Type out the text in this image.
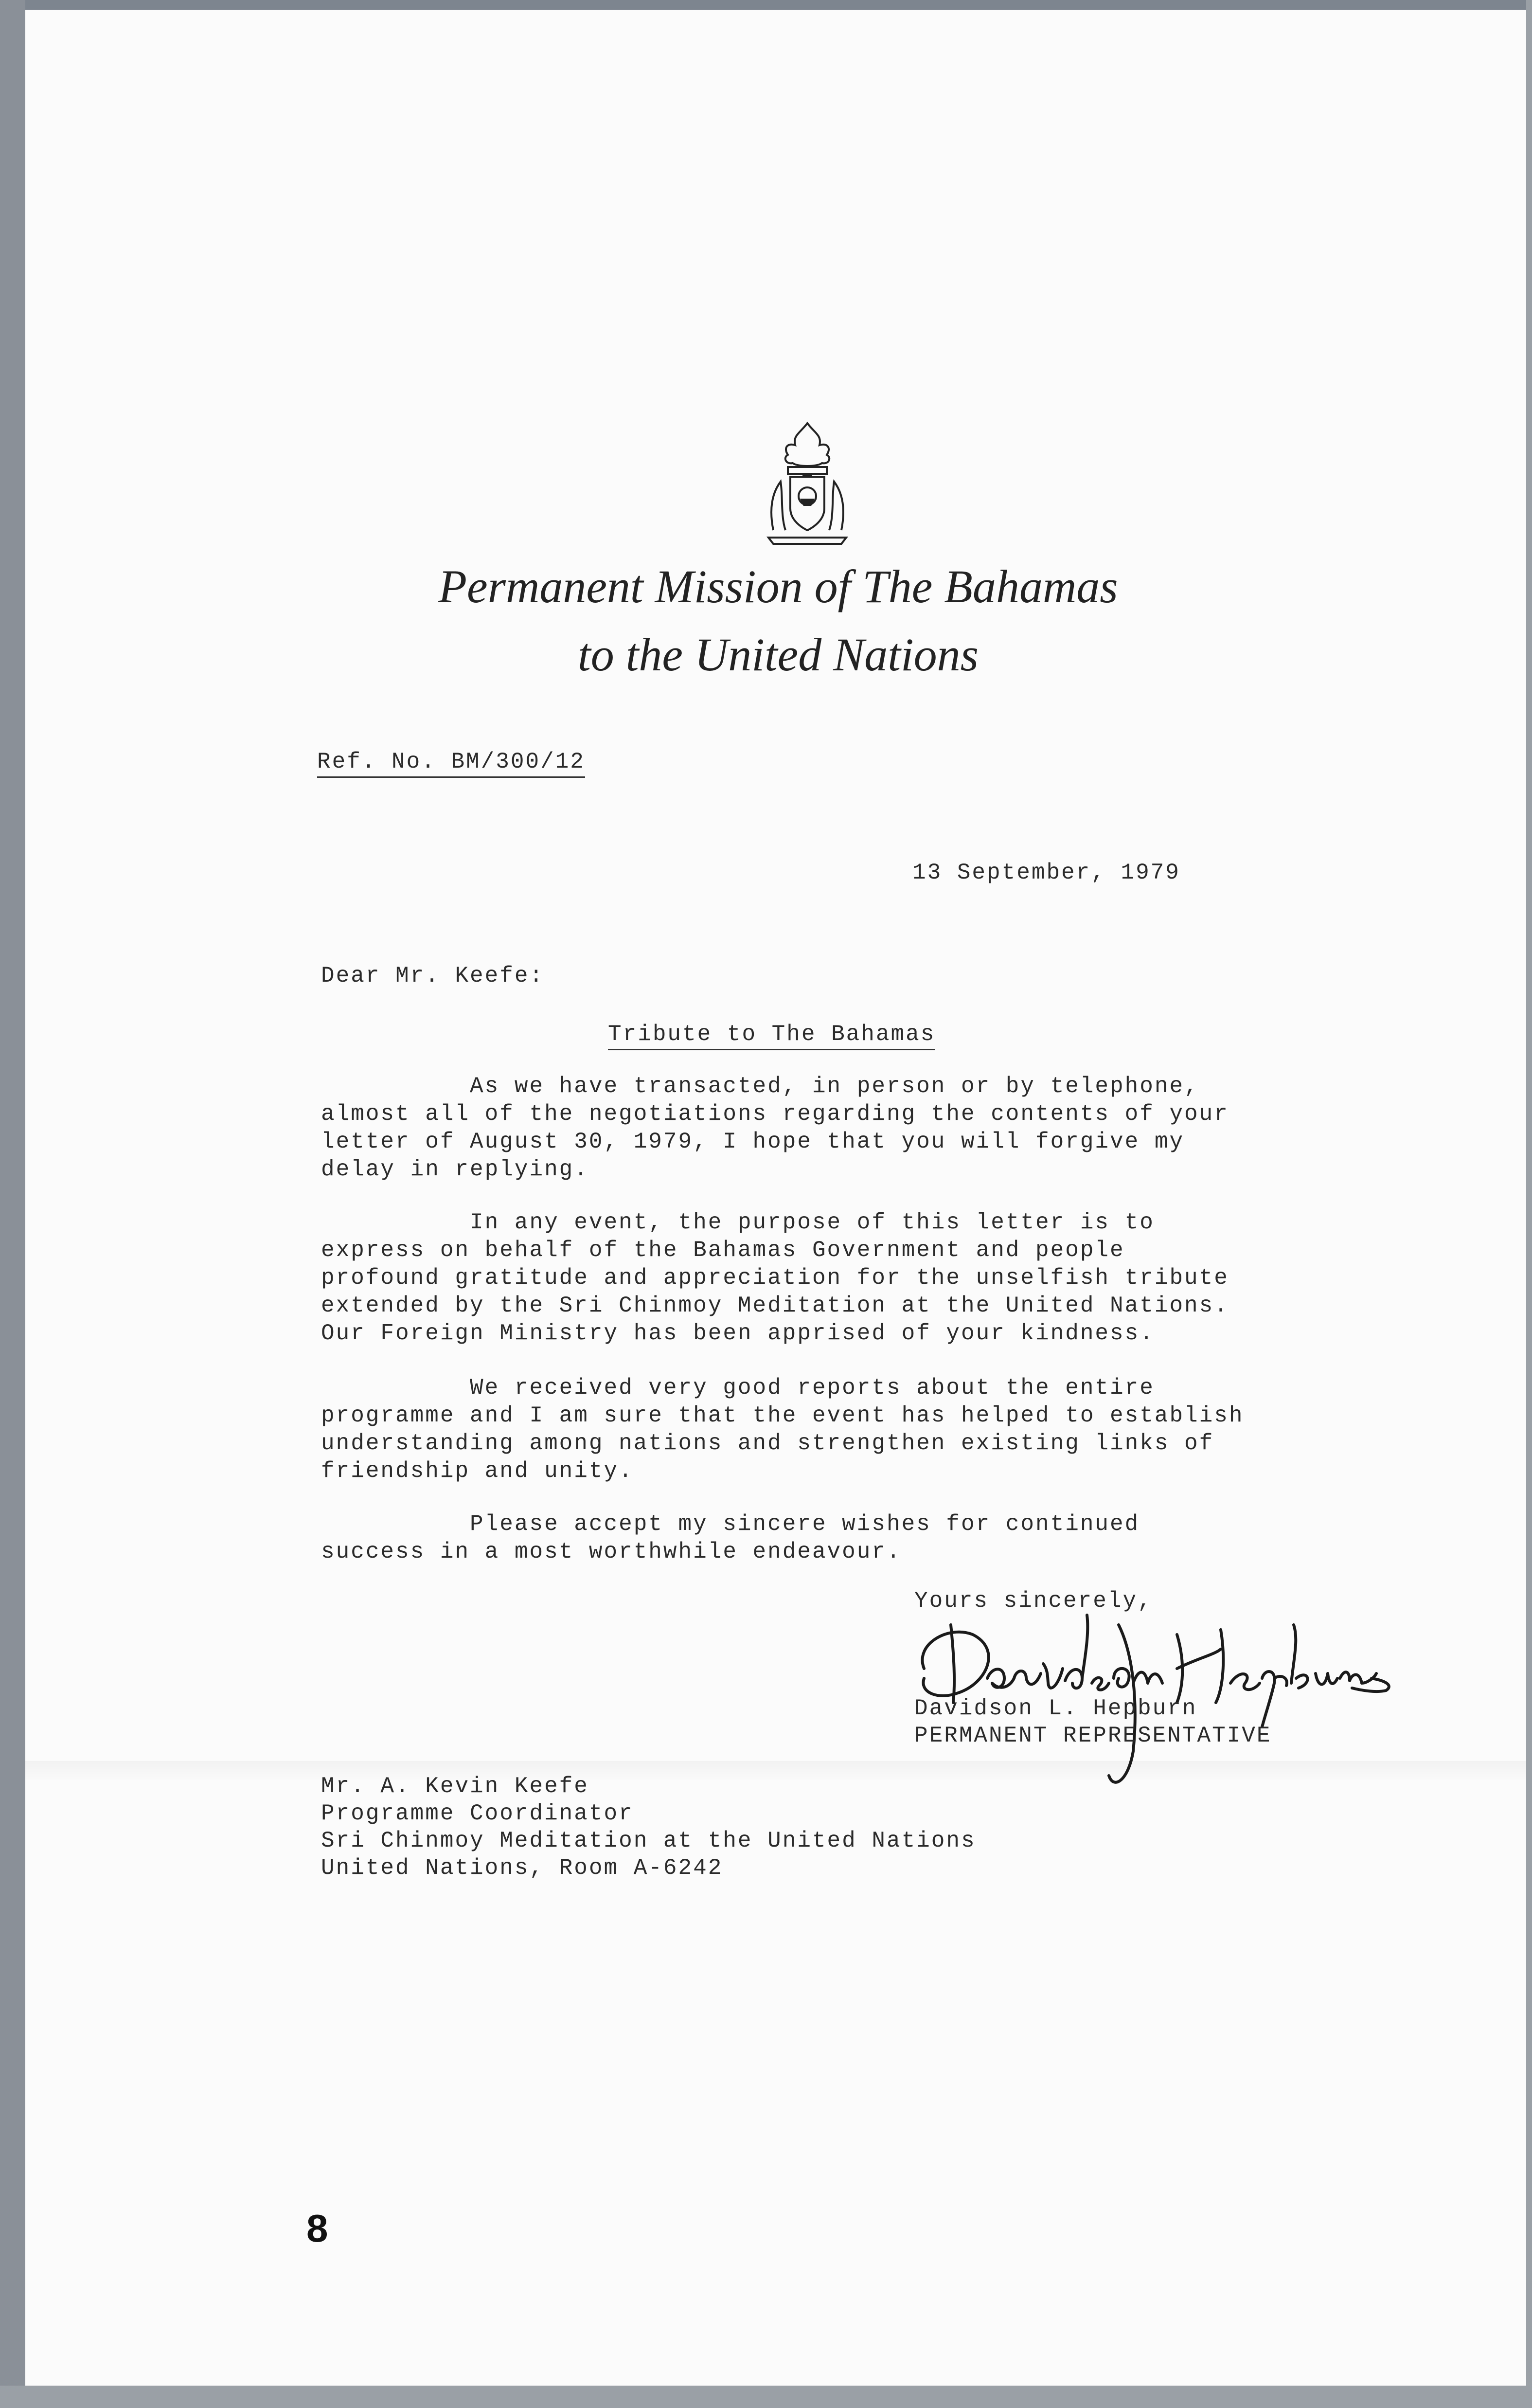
Permanent Mission of The Bahamas
to the United Nations
Ref. No. BM/300/12
13 September, 1979
Dear Mr. Keefe:
Tribute to The Bahamas
As we have transacted, in person or by telephone,
almost all of the negotiations regarding the contents of your
letter of August 30, 1979, I hope that you will forgive my
delay in replying.
In any event, the purpose of this letter is to
express on behalf of the Bahamas Government and people
profound gratitude and appreciation for the unselfish tribute
extended by the Sri Chinmoy Meditation at the United Nations.
Our Foreign Ministry has been apprised of your kindness.
We received very good reports about the entire
programme and I am sure that the event has helped to establish
understanding among nations and strengthen existing links of
friendship and unity.
Please accept my sincere wishes for continued
success in a most worthwhile endeavour.
Yours sincerely,
Davidson L. Hepburn
PERMANENT REPRESENTATIVE
Mr. A. Kevin Keefe
Programme Coordinator
Sri Chinmoy Meditation at the United Nations
United Nations, Room A-6242
8
